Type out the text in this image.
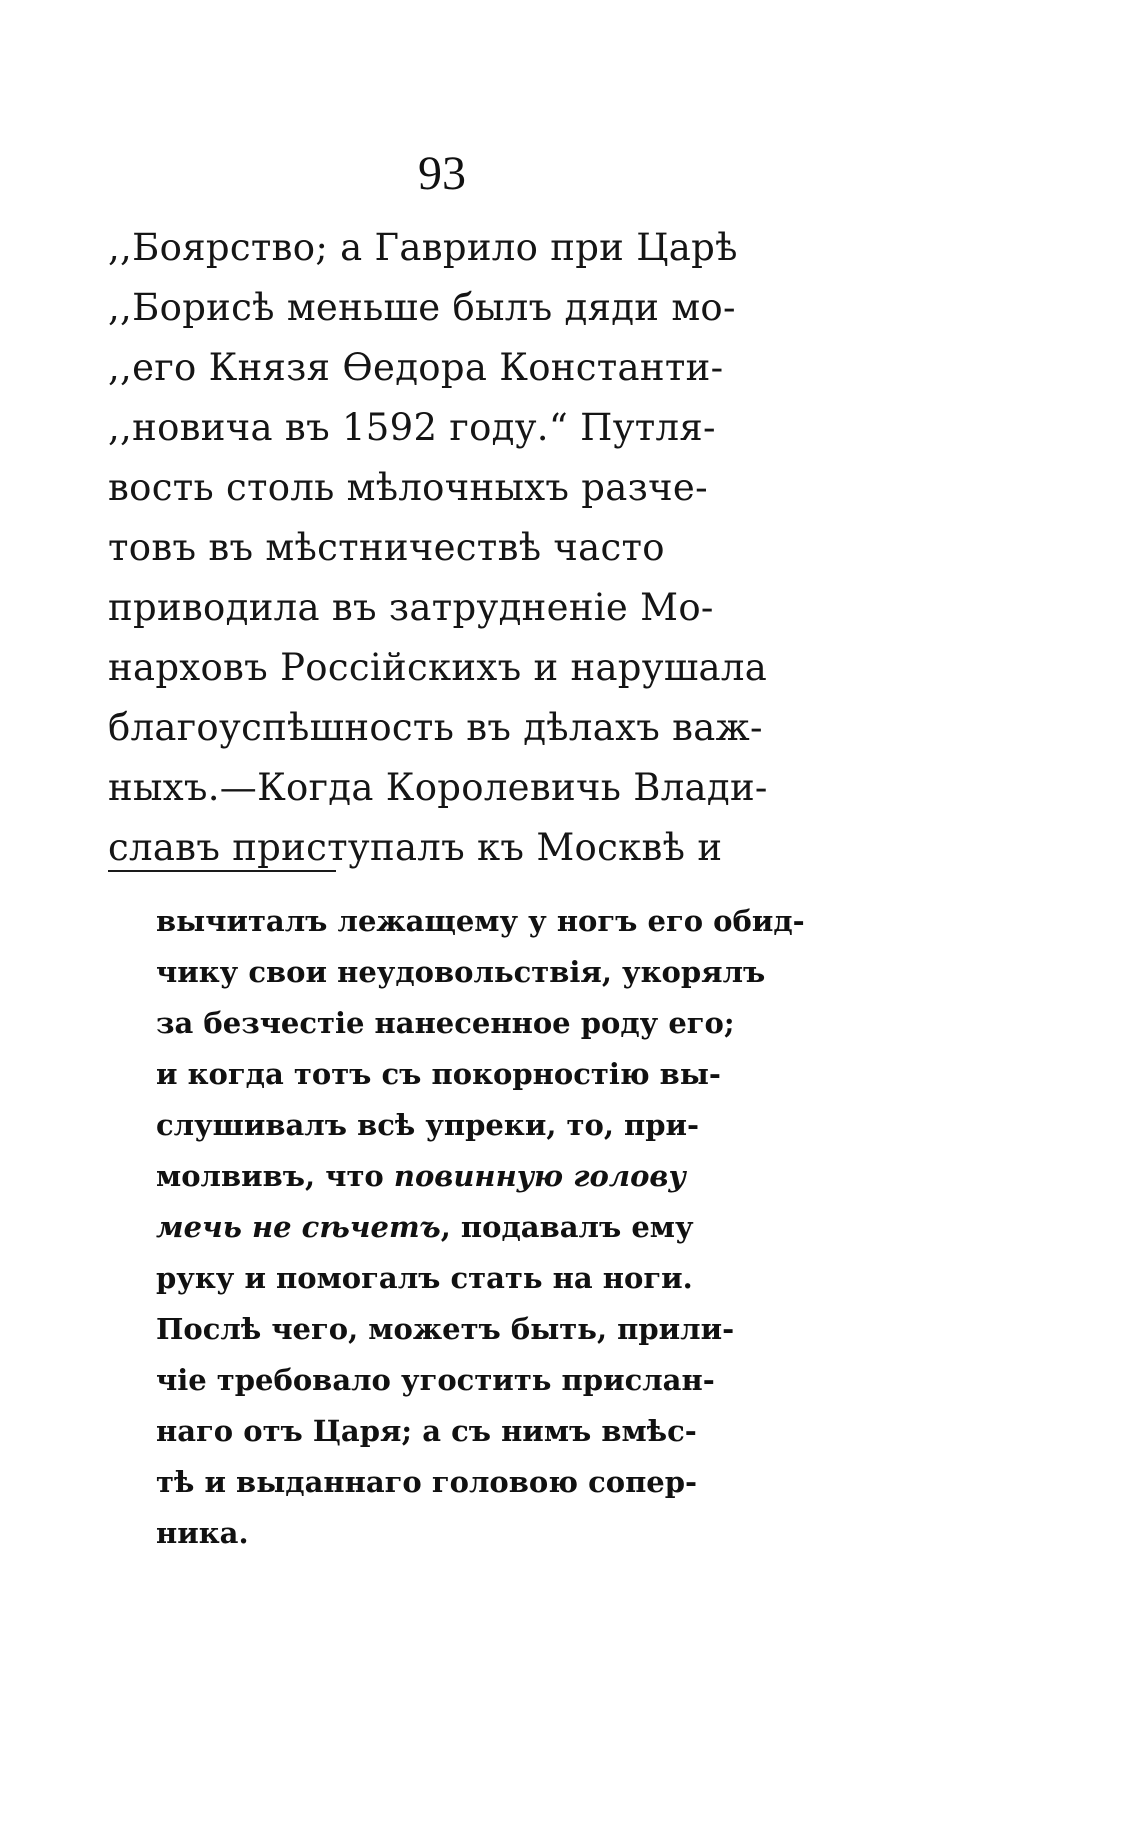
93
,,Боярство; а Гаврило при Царѣ
,,Борисѣ меньше былъ дяди мо-
,,его Князя Ѳедора Константи-
,,новича въ 1592 году.“ Путля-
вость столь мѣлочныхъ разче-
товъ въ мѣстничествѣ часто
приводила въ затрудненіе Мо-
нарховъ Россійскихъ и нарушала
благоуспѣшность въ дѣлахъ важ-
ныхъ.—Когда Королевичь Влади-
славъ приступалъ къ Москвѣ и
вычиталъ лежащему у ногъ его обид-
чику свои неудовольствія, укорялъ
за безчестіе нанесенное роду его;
и когда тотъ съ покорностію вы-
слушивалъ всѣ упреки, то, при-
молвивъ, что повинную голову
мечь не сѣчетъ, подавалъ ему
руку и помогалъ стать на ноги.
Послѣ чего, можетъ быть, прили-
чіе требовало угостить прислан-
наго отъ Царя; а съ нимъ вмѣс-
тѣ и выданнаго головою сопер-
ника.
